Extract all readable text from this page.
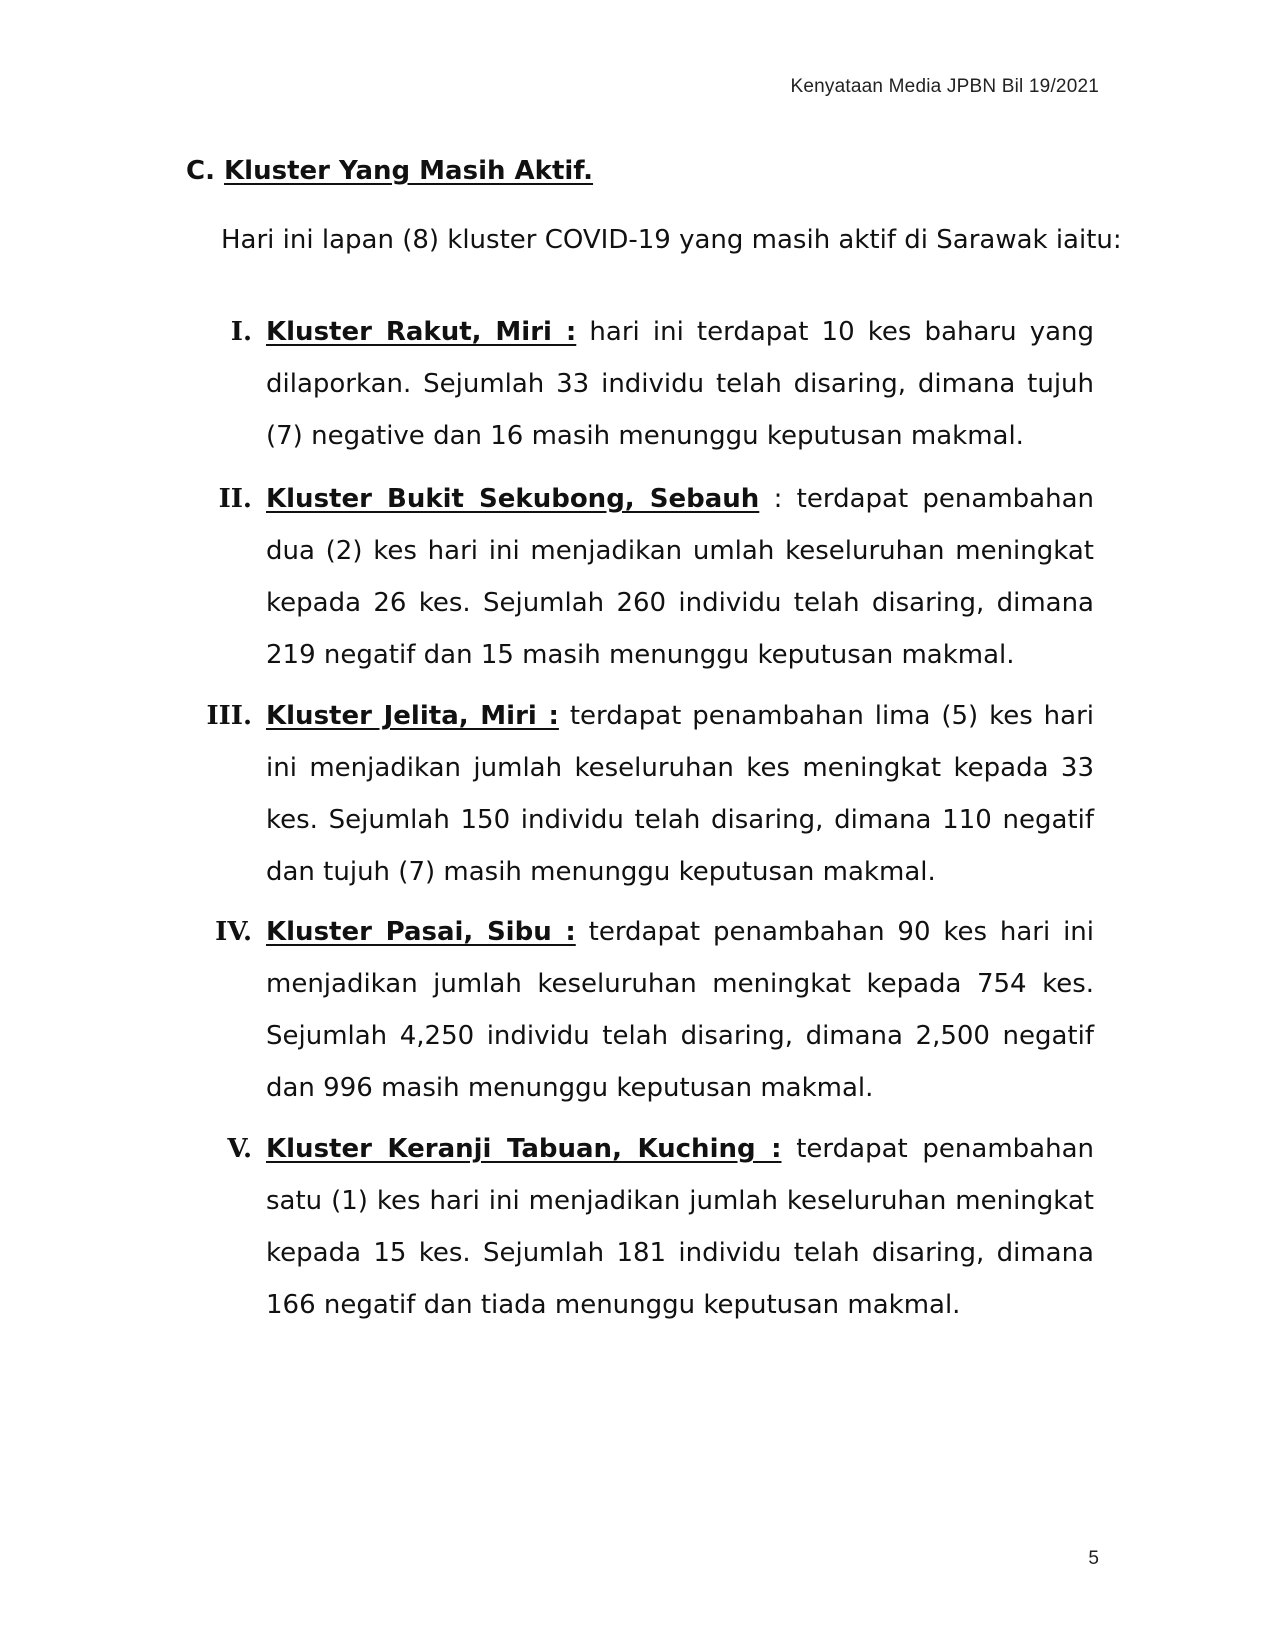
Kenyataan Media JPBN Bil 19/2021
C. Kluster Yang Masih Aktif.
Hari ini lapan (8) kluster COVID-19 yang masih aktif di Sarawak iaitu:
I. Kluster Rakut, Miri : hari ini terdapat 10 kes baharu yang dilaporkan. Sejumlah 33 individu telah disaring, dimana tujuh (7) negative dan 16 masih menunggu keputusan makmal.
II. Kluster Bukit Sekubong, Sebauh : terdapat penambahan dua (2) kes hari ini menjadikan umlah keseluruhan meningkat kepada 26 kes. Sejumlah 260 individu telah disaring, dimana 219 negatif dan 15 masih menunggu keputusan makmal.
III. Kluster Jelita, Miri : terdapat penambahan lima (5) kes hari ini menjadikan jumlah keseluruhan kes meningkat kepada 33 kes. Sejumlah 150 individu telah disaring, dimana 110 negatif dan tujuh (7) masih menunggu keputusan makmal.
IV. Kluster Pasai, Sibu : terdapat penambahan 90 kes hari ini menjadikan jumlah keseluruhan meningkat kepada 754 kes. Sejumlah 4,250 individu telah disaring, dimana 2,500 negatif dan 996 masih menunggu keputusan makmal.
V. Kluster Keranji Tabuan, Kuching : terdapat penambahan satu (1) kes hari ini menjadikan jumlah keseluruhan meningkat kepada 15 kes. Sejumlah 181 individu telah disaring, dimana 166 negatif dan tiada menunggu keputusan makmal.
5
